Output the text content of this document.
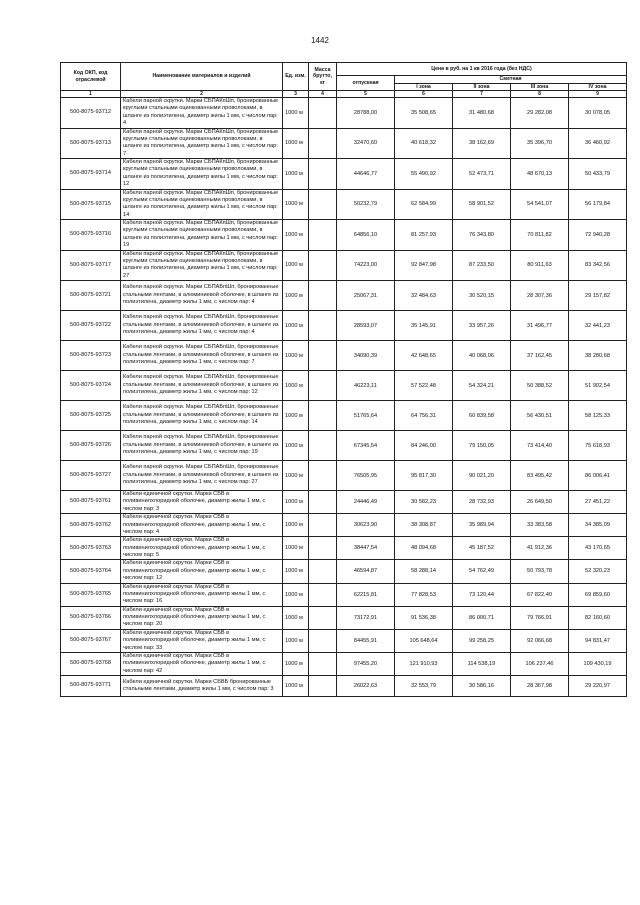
1442
Код ОКП, код отраслевой	Наименование материалов и изделий	Ед. изм.	Масса брутто, кг	Цена в руб. на 1 кв 2016 года (без НДС)				
				отпускная	Сметная			
					I зона	II зона	III зона	IV зона
1	2	3	4	5	6	7	8	9
500-8075-93712	Кабели парной скрутки. Марки СБПАКпШп, бронированные круглыми стальными оцинкованными проволоками, в шланге из полиэтилена, диаметр жилы 1 мм, с числом пар: 4	1000 м		28788,00	35 508,65	31 480,68	29 282,08	30 078,05
500-8075-93713	Кабели парной скрутки. Марки СБПАКпШп, бронированные круглыми стальными оцинкованными проволоками, в шланге из полиэтилена, диаметр жилы 1 мм, с числом пар: 7	1000 м		32470,60	40 618,32	38 162,69	35 396,70	36 460,92
500-8075-93714	Кабели парной скрутки. Марки СБПАКпШп, бронированные круглыми стальными оцинкованными проволоками, в шланге из полиэтилена, диаметр жилы 1 мм, с числом пар: 12	1000 м		44646,77	55 490,92	52 473,71	48 670,13	50 433,79
500-8075-93715	Кабели парной скрутки. Марки СБПАКпШп, бронированные круглыми стальными оцинкованными проволоками, в шланге из полиэтилена, диаметр жилы 1 мм, с числом пар: 14	1000 м		50232,79	62 584,99	58 901,52	54 541,07	56 179,84
500-8075-93716	Кабели парной скрутки. Марки СБПАКпШп, бронированные круглыми стальными оцинкованными проволоками, в шланге из полиэтилена, диаметр жилы 1 мм, с числом пар: 19	1000 м		64856,10	81 257,93	76 343,80	70 811,82	72 940,28
500-8075-93717	Кабели парной скрутки. Марки СБПАКпШп, бронированные круглыми стальными оцинкованными проволоками, в шланге из полиэтилена, диаметр жилы 1 мм, с числом пар: 27	1000 м		74223,00	92 847,98	87 233,50	80 911,63	83 342,56
500-8075-93721	Кабели парной скрутки. Марки СБПАБпШп, бронированные стальными лентами, в алюминиевой оболочке, в шланге из полиэтилена, диаметр жилы 1 мм, с числом пар: 4	1000 м		25067,31	32 484,63	30 520,15	28 307,36	29 157,82
500-8075-93722	Кабели парной скрутки. Марки СБПАБпШп, бронированные стальными лентами, в алюминиевой оболочке, в шланге из полиэтилена, диаметр жилы 1 мм, с числом пар: 4	1000 м		28593,07	35 145,91	33 957,26	31 496,77	32 441,23
500-8075-93723	Кабели парной скрутки. Марки СБПАБпШп, бронированные стальными лентами, в алюминиевой оболочке, в шланге из полиэтилена, диаметр жилы 1 мм, с числом пар: 7	1000 м		34090,39	42 648,65	40 068,06	37 162,45	38 280,68
500-8075-93724	Кабели парной скрутки. Марки СБПАБпШп, бронированные стальными лентами, в алюминиевой оболочке, в шланге из полиэтилена, диаметр жилы 1 мм, с числом пар: 12	1000 м		46223,11	57 522,48	54 324,21	50 388,52	51 902,54
500-8075-93725	Кабели парной скрутки. Марки СБПАБпШп, бронированные стальными лентами, в алюминиевой оболочке, в шланге из полиэтилена, диаметр жилы 1 мм, с числом пар: 14	1000 м		51765,64	64 756,31	60 839,58	56 430,51	58 125,33
500-8075-93726	Кабели парной скрутки. Марки СБПАБпШп, бронированные стальными лентами, в алюминиевой оболочке, в шланге из полиэтилена, диаметр жилы 1 мм, с числом пар: 19	1000 м		67345,54	84 246,00	79 150,05	73 414,40	75 618,93
500-8075-93727	Кабели парной скрутки. Марки СБПАБпШп, бронированные стальными лентами, в алюминиевой оболочке, в шланге из полиэтилена, диаметр жилы 1 мм, с числом пар: 27	1000 м		76505,95	95 817,30	90 021,20	83 495,42	86 006,41
500-8075-93761	Кабели единичной скрутки. Марки СБВ в поливинилхлоридной оболочке, диаметр жилы 1 мм, с числом пар: 3	1000 м		24446,49	30 582,23	28 732,93	26 649,50	27 451,22
500-8075-93762	Кабели единичной скрутки. Марки СБВ в поливинилхлоридной оболочке, диаметр жилы 1 мм, с числом пар: 4	1000 м		30623,90	38 308,87	35 989,94	33 383,58	34 385,09
500-8075-93763	Кабели единичной скрутки. Марки СБВ в поливинилхлоридной оболочке, диаметр жилы 1 мм, с числом пар: 5	1000 м		38447,54	48 094,68	45 187,52	41 912,36	43 170,65
500-8075-93764	Кабели единичной скрутки. Марки СБВ в поливинилхлоридной оболочке, диаметр жилы 1 мм, с числом пар: 12	1000 м		46594,87	58 288,14	54 762,49	50 793,78	52 320,23
500-8075-93765	Кабели единичной скрутки. Марки СБВ в поливинилхлоридной оболочке, диаметр жилы 1 мм, с числом пар: 16	1000 м		62215,81	77 828,53	73 120,44	67 822,40	69 859,60
500-8075-93766	Кабели единичной скрутки. Марки СБВ в поливинилхлоридной оболочке, диаметр жилы 1 мм, с числом пар: 20	1000 м		73172,91	91 536,38	86 000,71	79 766,91	82 160,60
500-8075-93767	Кабели единичной скрутки. Марки СБВ в поливинилхлоридной оболочке, диаметр жилы 1 мм, с числом пар: 33	1000 м		84455,91	105 648,64	99 258,25	92 066,68	94 831,47
500-8075-93768	Кабели единичной скрутки. Марки СБВ в поливинилхлоридной оболочке, диаметр жилы 1 мм, с числом пар: 42	1000 м		97455,20	121 910,93	114 538,19	106 237,46	109 430,19
500-8075-93771	Кабели единичной скрутки. Марки СБВБ бронированные стальными лентами, диаметр жилы 1 мм, с числом пар: 3	1000 м		26022,63	32 553,79	30 586,16	28 367,98	29 220,97
